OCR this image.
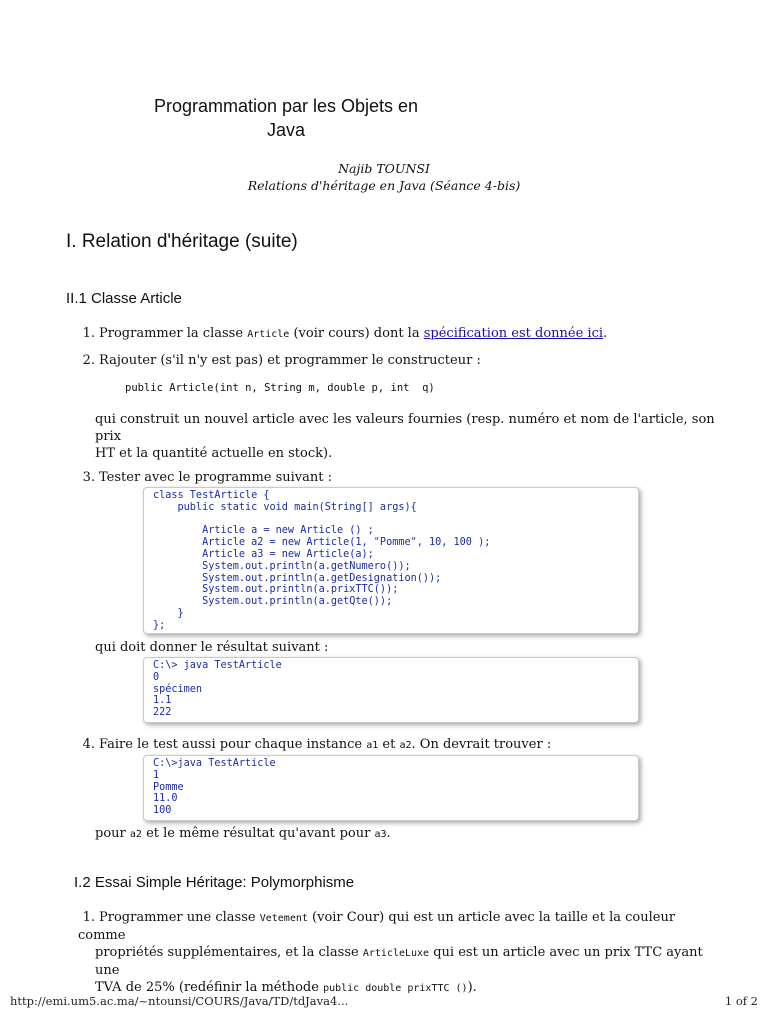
Programmation par les Objets en
Java
Najib TOUNSI
Relations d'héritage en Java (Séance 4-bis)
I. Relation d'héritage (suite)
II.1 Classe Article
1. Programmer la classe Article (voir cours) dont la spécification est donnée ici.
2. Rajouter (s'il n'y est pas) et programmer le constructeur :
public Article(int n, String m, double p, int  q)
qui construit un nouvel article avec les valeurs fournies (resp. numéro et nom de l'article, son prix
HT et la quantité actuelle en stock).
3. Tester avec le programme suivant :
class TestArticle {
public static void main(String[] args){

Article a = new Article () ;
Article a2 = new Article(1, "Pomme", 10, 100 );
Article a3 = new Article(a);
System.out.println(a.getNumero());
System.out.println(a.getDesignation());
System.out.println(a.prixTTC());
System.out.println(a.getQte());
}
};
qui doit donner le résultat suivant :
C:\> java TestArticle
0
spécimen
1.1
222
4. Faire le test aussi pour chaque instance a1 et a2. On devrait trouver :
C:\>java TestArticle
1
Pomme
11.0
100
pour a2 et le même résultat qu'avant pour a3.
I.2 Essai Simple Héritage: Polymorphisme
1. Programmer une classe Vetement (voir Cour) qui est un article avec la taille et la couleur comme
propriétés supplémentaires, et la classe ArticleLuxe qui est un article avec un prix TTC ayant une
TVA de 25% (redéfinir la méthode public double prixTTC ()).
http://emi.um5.ac.ma/~ntounsi/COURS/Java/TD/tdJava4...	1 of 2
